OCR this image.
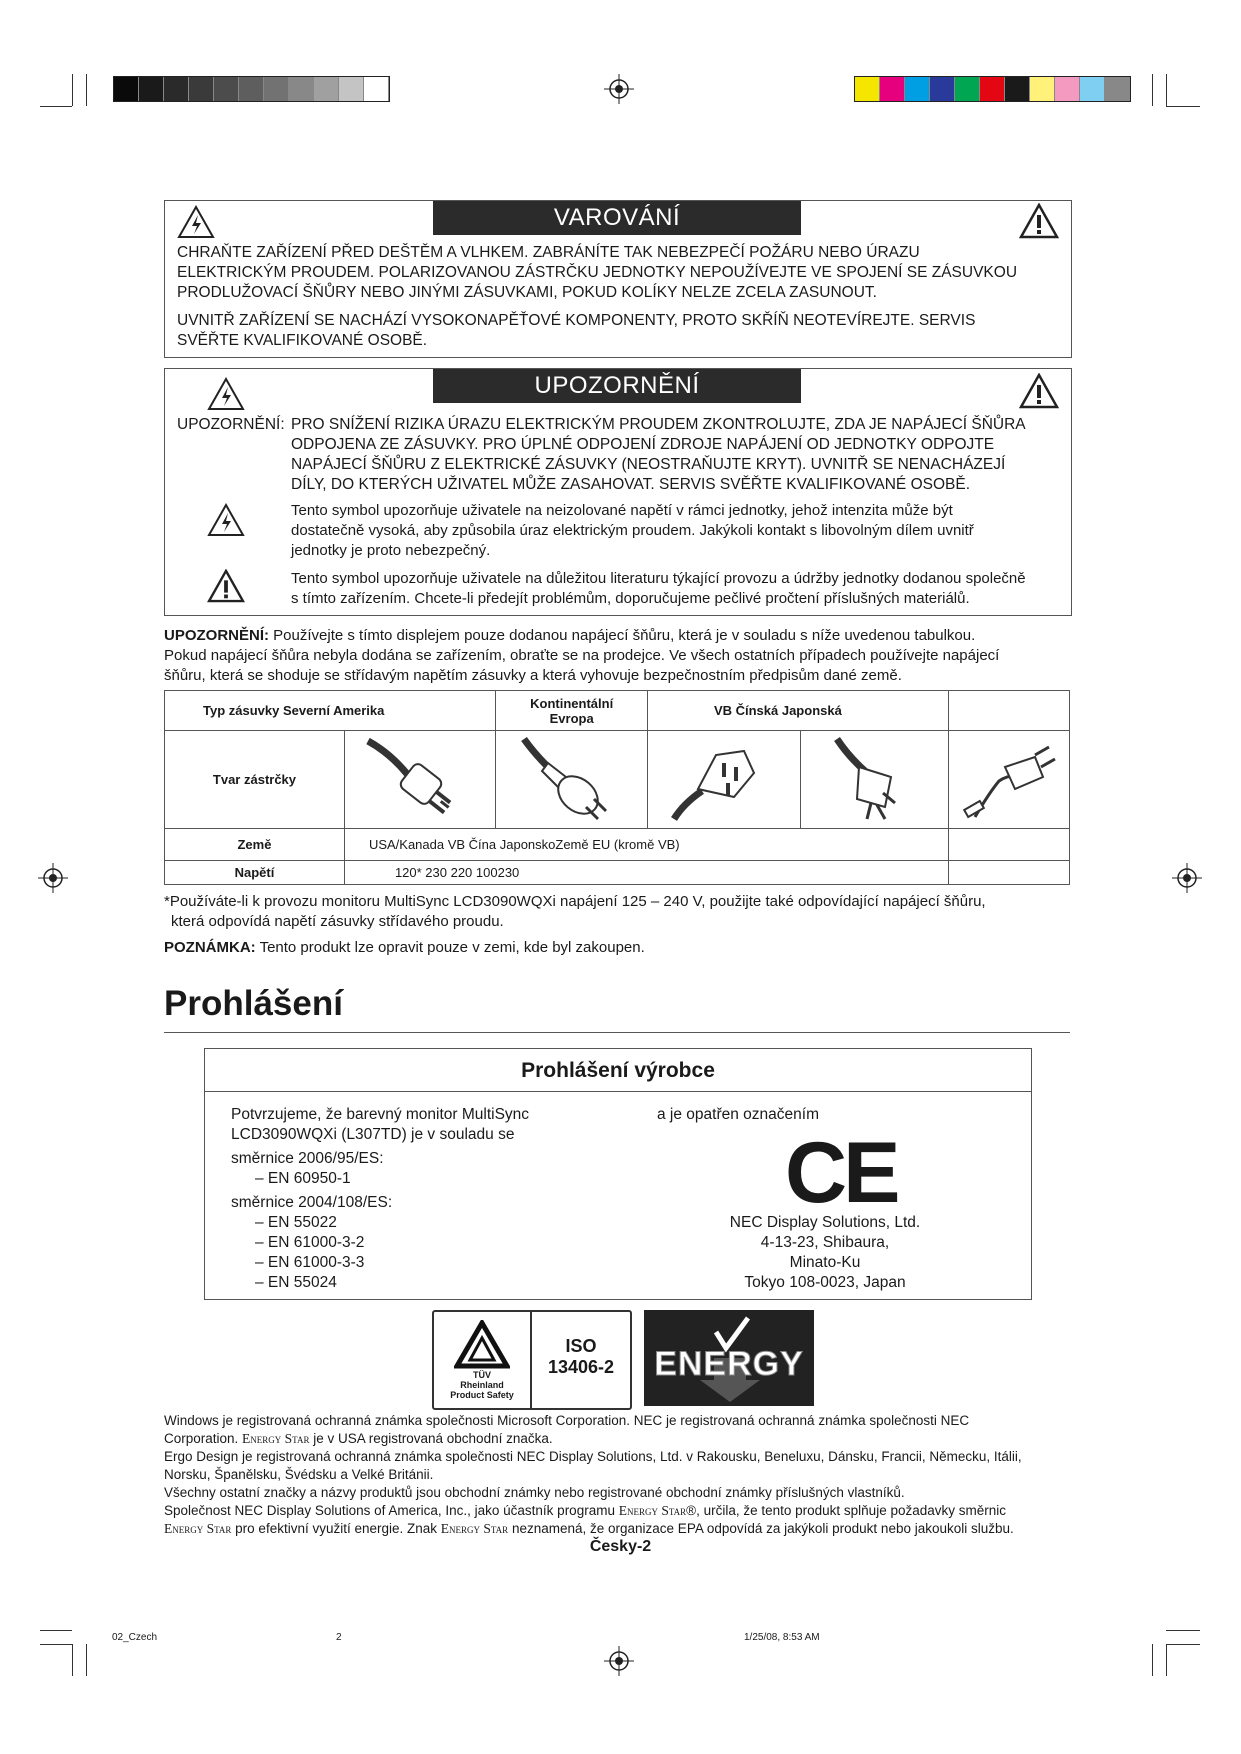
VAROVÁNÍ
CHRAŇTE ZAŘÍZENÍ PŘED DEŠTĚM A VLHKEM. ZABRÁNÍTE TAK NEBEZPEČÍ POŽÁRU NEBO ÚRAZU
ELEKTRICKÝM PROUDEM. POLARIZOVANOU ZÁSTRČKU JEDNOTKY NEPOUŽÍVEJTE VE SPOJENÍ SE ZÁSUVKOU
PRODLUŽOVACÍ ŠŇŮRY NEBO JINÝMI ZÁSUVKAMI, POKUD KOLÍKY NELZE ZCELA ZASUNOUT.
UVNITŘ ZAŘÍZENÍ SE NACHÁZÍ VYSOKONAPĚŤOVÉ KOMPONENTY, PROTO SKŘÍŇ NEOTEVÍREJTE. SERVIS
SVĚŘTE KVALIFIKOVANÉ OSOBĚ.
UPOZORNĚNÍ
UPOZORNĚNÍ: PRO SNÍŽENÍ RIZIKA ÚRAZU ELEKTRICKÝM PROUDEM ZKONTROLUJTE, ZDA JE NAPÁJECÍ ŠŇŮRA
ODPOJENA ZE ZÁSUVKY. PRO ÚPLNÉ ODPOJENÍ ZDROJE NAPÁJENÍ OD JEDNOTKY ODPOJTE
NAPÁJECÍ ŠŇŮRU Z ELEKTRICKÉ ZÁSUVKY (NEOSTRAŇUJTE KRYT). UVNITŘ SE NENACHÁZEJÍ
DÍLY, DO KTERÝCH UŽIVATEL MŮŽE ZASAHOVAT. SERVIS SVĚŘTE KVALIFIKOVANÉ OSOBĚ.
Tento symbol upozorňuje uživatele na neizolované napětí v rámci jednotky, jehož intenzita může být
dostatečně vysoká, aby způsobila úraz elektrickým proudem. Jakýkoli kontakt s libovolným dílem uvnitř
jednotky je proto nebezpečný.
Tento symbol upozorňuje uživatele na důležitou literaturu týkající provozu a údržby jednotky dodanou společně
s tímto zařízením. Chcete-li předejít problémům, doporučujeme pečlivé pročtení příslušných materiálů.
UPOZORNĚNÍ: Používejte s tímto displejem pouze dodanou napájecí šňůru, která je v souladu s níže uvedenou tabulkou.
Pokud napájecí šňůra nebyla dodána se zařízením, obraťte se na prodejce. Ve všech ostatních případech používejte napájecí
šňůru, která se shoduje se střídavým napětím zásuvky a která vyhovuje bezpečnostním předpisům dané země.
Typ zásuvky Severní Amerika		Kontinentální
Evropa	VB Čínská Japonská		
Tvar zástrčky					
Země	USA/Kanada VB Čína JaponskoZemě EU (kromě VB)				
Napětí	120* 230 220 100230				
*Používáte-li k provozu monitoru MultiSync LCD3090WQXi napájení 125 – 240 V, použijte také odpovídající napájecí šňůru,
která odpovídá napětí zásuvky střídavého proudu.
POZNÁMKA: Tento produkt lze opravit pouze v zemi, kde byl zakoupen.
Prohlášení
Prohlášení výrobce
Potvrzujeme, že barevný monitor MultiSync
LCD3090WQXi (L307TD) je v souladu se
směrnice 2006/95/ES:
– EN 60950-1
směrnice 2004/108/ES:
– EN 55022
– EN 61000-3-2
– EN 61000-3-3
– EN 55024
a je opatřen označením
CE
NEC Display Solutions, Ltd.
4-13-23, Shibaura,
Minato-Ku
Tokyo 108-0023, Japan
TÜV
Rheinland
Product Safety
ISO
13406-2	ENERGY
Windows je registrovaná ochranná známka společnosti Microsoft Corporation. NEC je registrovaná ochranná známka společnosti NEC
Corporation. Energy Star je v USA registrovaná obchodní značka.
Ergo Design je registrovaná ochranná známka společnosti NEC Display Solutions, Ltd. v Rakousku, Beneluxu, Dánsku, Francii, Německu, Itálii,
Norsku, Španělsku, Švédsku a Velké Británii.
Všechny ostatní značky a názvy produktů jsou obchodní známky nebo registrované obchodní známky příslušných vlastníků.
Společnost NEC Display Solutions of America, Inc., jako účastník programu Energy Star®, určila, že tento produkt splňuje požadavky směrnic
Energy Star pro efektivní využití energie. Znak Energy Star neznamená, že organizace EPA odpovídá za jakýkoli produkt nebo jakoukoli službu.
Česky-2
02_Czech	2	1/25/08, 8:53 AM
